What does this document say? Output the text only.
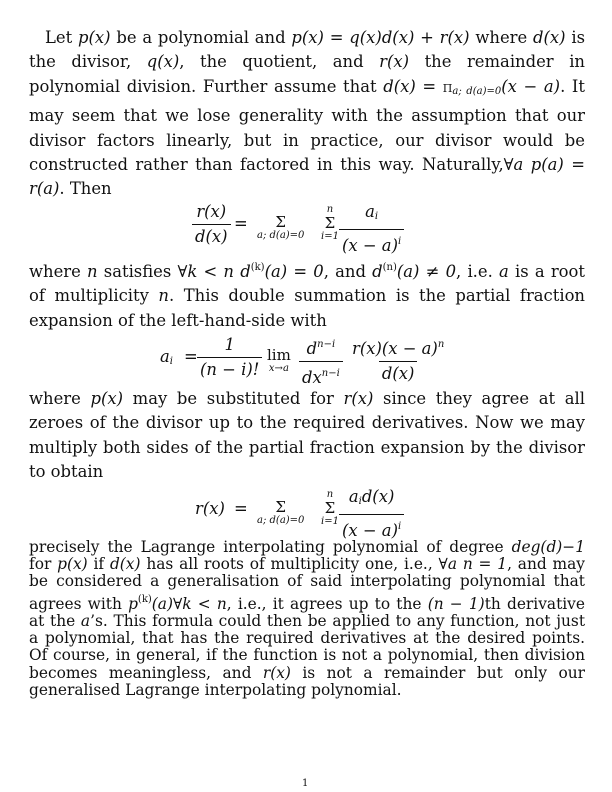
Let p(x) be a polynomial and p(x) = q(x)d(x) + r(x) where d(x) is the divisor, q(x), the quotient, and r(x) the remainder in polynomial division. Further assume that $d(x) = \Pi_{a; d(a)=0}(x - a)$. It may seem that we lose generality with the assumption that our divisor factors linearly, but in practice, our divisor would be constructed rather than factored in this way. Naturally,∀a p(a) = r(a). Then

$\frac{r(x)}{d(x)} = \Sigma$
a; d(a)=0
n
Σ
$i=1 \frac{a_i}{(x - a)^i}$

where n satisfies ∀k < n $d^{(k)}(a) = 0$, and $d^{(n)}(a) \ne 0$, i.e. a is a root of multiplicity n. This double summation is the partial fraction expansion of the left-hand-side with

$a_i = \frac{1}{(n - i)!}$ lim
x→a
$d^{n-i}$
$dx^{n-i} \frac{r(x)(x - a)^n}{d(x)}$

where p(x) may be substituted for r(x) since they agree at all zeroes of the divisor up to the required derivatives. Now we may multiply both sides of the partial fraction expansion by the divisor to obtain

r(x) = Σ
a; d(a)=0
n
Σ
i=1
$a_id(x)$
$(x - a)^i$

precisely the Lagrange interpolating polynomial of degree deg(d)−1 for p(x) if d(x) has all roots of multiplicity one, i.e., ∀a n = 1, and may be considered a generalisation of said interpolating polynomial that agrees with $p^{(k)}(a)\forall k < n$, i.e., it agrees up to the (n − 1)th derivative at the a’s. This formula could then be applied to any function, not just a polynomial, that has the required derivatives at the desired points. Of course, in general, if the function is not a polynomial, then division becomes meaningless, and r(x) is not a remainder but only our generalised Lagrange interpolating polynomial.

1
